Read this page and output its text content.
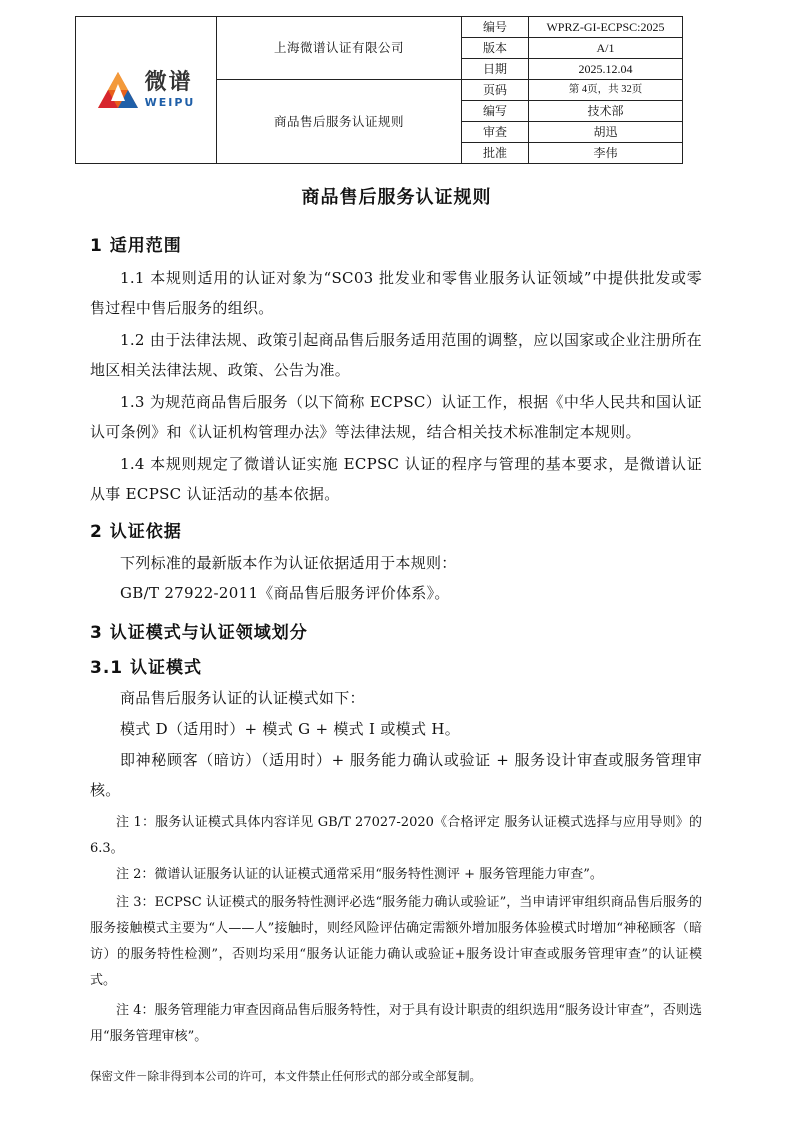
微谱
WEIPU	上海微谱认证有限公司	编号	WPRZ-GI-ECPSC:2025
		版本	A/1
		日期	2025.12.04
	商品售后服务认证规则	页码	第 4页，共 32页
		编写	技术部
		审查	胡迅
		批准	李伟
商品售后服务认证规则
1 适用范围
1.1 本规则适用的认证对象为“SC03 批发业和零售业服务认证领域”中提供批发或零售过程中售后服务的组织。
1.2 由于法律法规、政策引起商品售后服务适用范围的调整，应以国家或企业注册所在地区相关法律法规、政策、公告为准。
1.3 为规范商品售后服务（以下简称 ECPSC）认证工作，根据《中华人民共和国认证认可条例》和《认证机构管理办法》等法律法规，结合相关技术标准制定本规则。
1.4 本规则规定了微谱认证实施 ECPSC 认证的程序与管理的基本要求，是微谱认证从事 ECPSC 认证活动的基本依据。
2 认证依据
下列标准的最新版本作为认证依据适用于本规则：
GB/T 27922-2011《商品售后服务评价体系》。
3 认证模式与认证领域划分
3.1 认证模式
商品售后服务认证的认证模式如下：
模式 D（适用时）+ 模式 G + 模式 I 或模式 H。
即神秘顾客（暗访）（适用时）+ 服务能力确认或验证 + 服务设计审查或服务管理审核。
注 1：服务认证模式具体内容详见 GB/T 27027-2020《合格评定 服务认证模式选择与应用导则》的 6.3。
注 2：微谱认证服务认证的认证模式通常采用“服务特性测评 + 服务管理能力审查”。
注 3：ECPSC 认证模式的服务特性测评必选“服务能力确认或验证”，当申请评审组织商品售后服务的服务接触模式主要为“人——人”接触时，则经风险评估确定需额外增加服务体验模式时增加“神秘顾客（暗访）的服务特性检测”，否则均采用“服务认证能力确认或验证+服务设计审查或服务管理审查”的认证模式。
注 4：服务管理能力审查因商品售后服务特性，对于具有设计职责的组织选用“服务设计审查”，否则选用“服务管理审核”。
保密文件－除非得到本公司的许可，本文件禁止任何形式的部分或全部复制。
